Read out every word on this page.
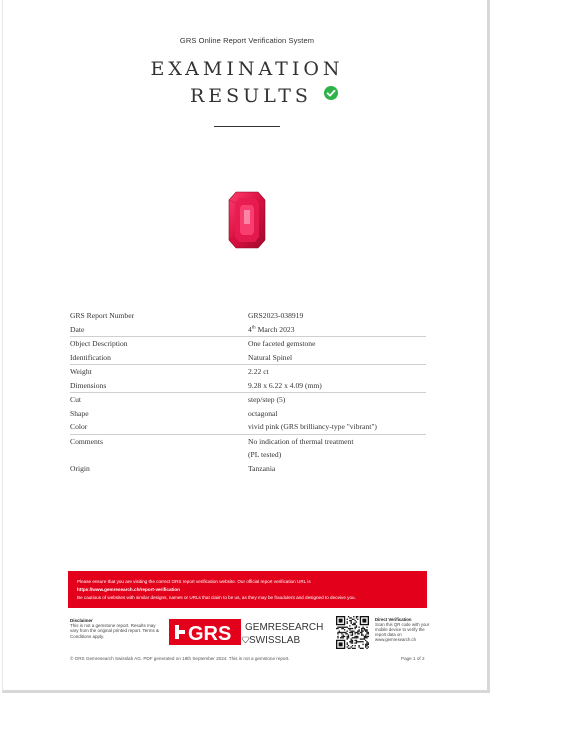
GRS Online Report Verification System
EXAMINATION
RESULTS
GRS Report Number	GRS2023-038919
Date	4th March 2023
Object Description	One faceted gemstone
Identification	Natural Spinel
Weight	2.22 ct
Dimensions	9.28 x 6.22 x 4.09 (mm)
Cut	step/step (5)
Shape	octagonal
Color	vivid pink (GRS brilliancy-type "vibrant")
Comments	No indication of thermal treatment
(PL tested)
Origin	Tanzania
Please ensure that you are visiting the correct GRS report verification website. Our official report verification URL is
https://www.gemresearch.ch/report-verification
Be cautious of websites with similar designs, names or URLs that claim to be us, as they may be fraudulent and designed to deceive you.
Disclaimer
This is not a gemstone report. Results may vary from the original printed report. Terms & Conditions apply.	GRS GEMRESEARCH
SWISSLAB
Direct Verification
Scan this QR code with your mobile device to verify the report data on www.gemresearch.ch
© GRS Gemresearch Swisslab AG. PDF generated on 18th September 2024. This is not a gemstone report.	Page 1 of 2
